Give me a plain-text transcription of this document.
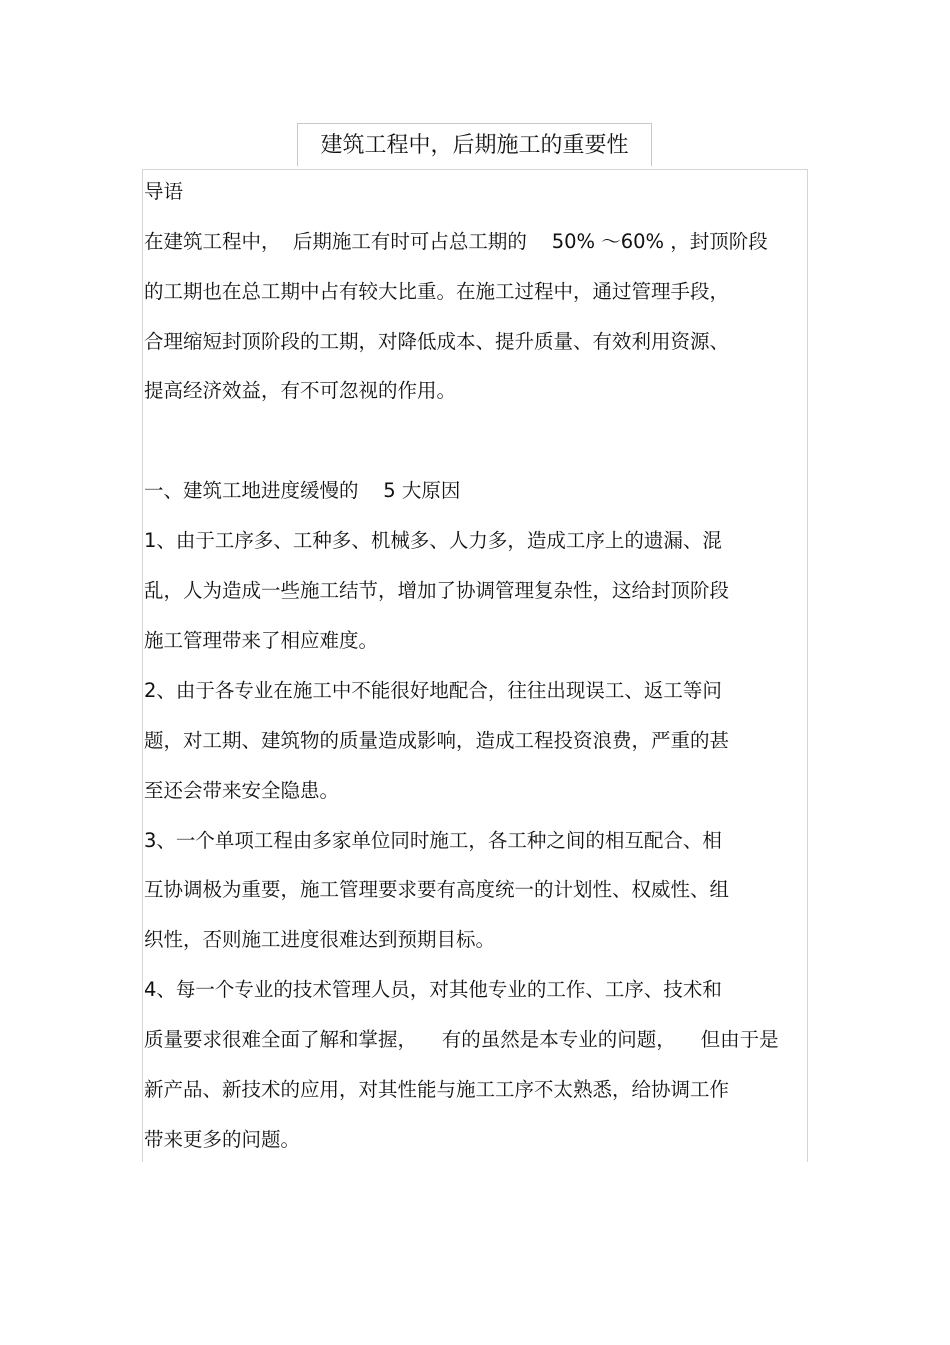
建筑工程中，后期施工的重要性
导语
在建筑工程中，  后期施工有时可占总工期的    50% ～60% ，封顶阶段
的工期也在总工期中占有较大比重。在施工过程中，通过管理手段，
合理缩短封顶阶段的工期，对降低成本、提升质量、有效利用资源、
提高经济效益，有不可忽视的作用。
一、建筑工地进度缓慢的    5 大原因
1、由于工序多、工种多、机械多、人力多，造成工序上的遗漏、混
乱，人为造成一些施工结节，增加了协调管理复杂性，这给封顶阶段
施工管理带来了相应难度。
2、由于各专业在施工中不能很好地配合，往往出现误工、返工等问
题，对工期、建筑物的质量造成影响，造成工程投资浪费，严重的甚
至还会带来安全隐患。
3、一个单项工程由多家单位同时施工，各工种之间的相互配合、相
互协调极为重要，施工管理要求要有高度统一的计划性、权威性、组
织性，否则施工进度很难达到预期目标。
4、每一个专业的技术管理人员，对其他专业的工作、工序、技术和
质量要求很难全面了解和掌握，    有的虽然是本专业的问题，    但由于是
新产品、新技术的应用，对其性能与施工工序不太熟悉，给协调工作
带来更多的问题。
